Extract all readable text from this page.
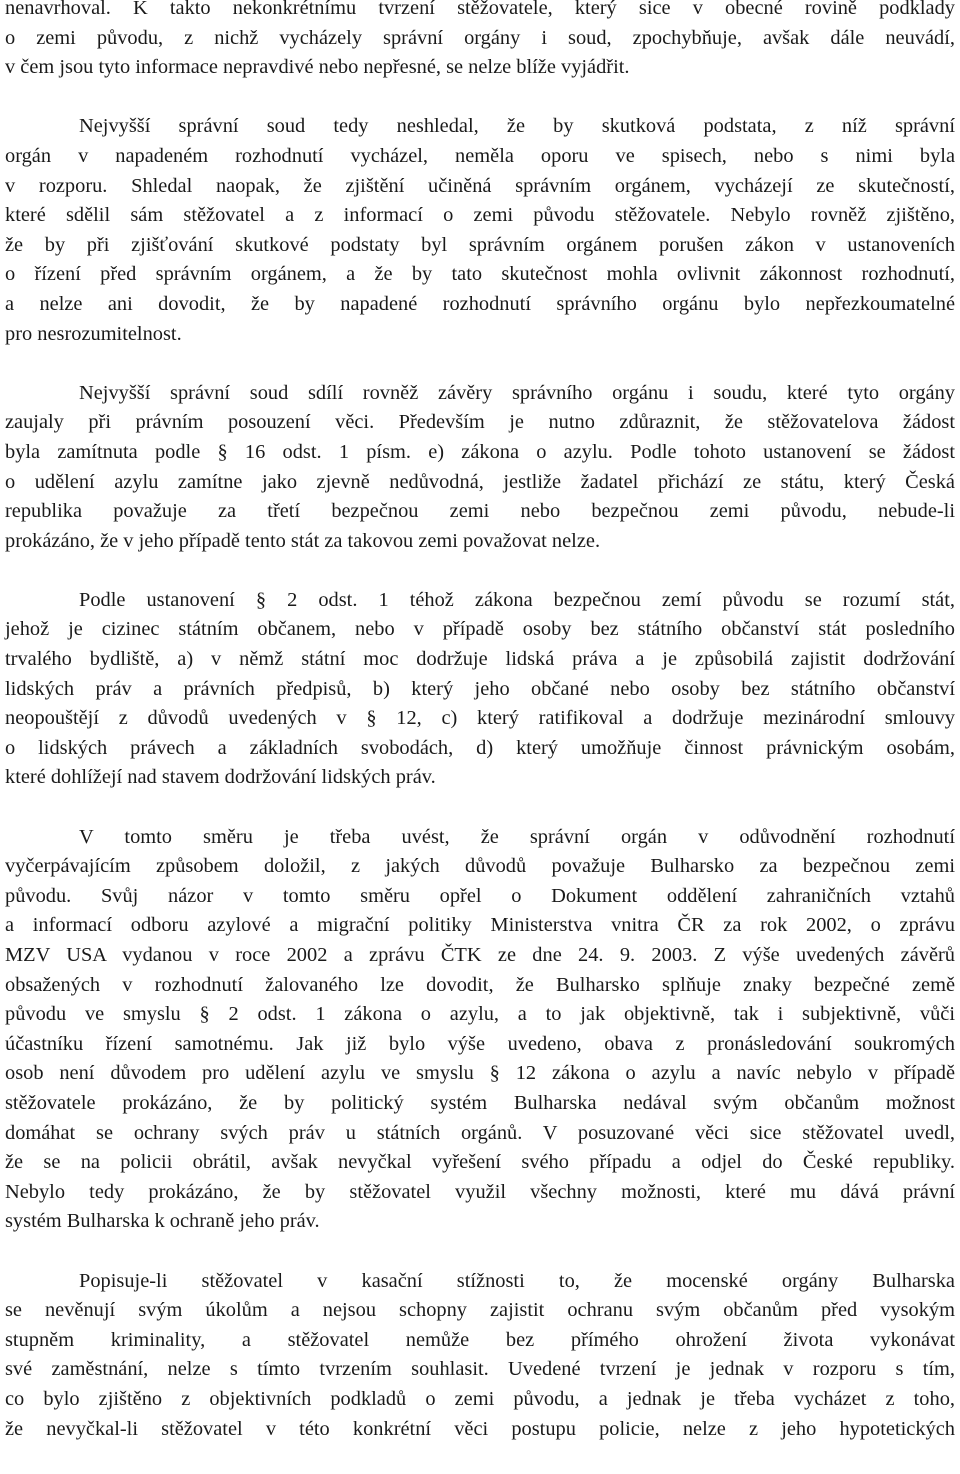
nenavrhoval. K takto nekonkrétnímu tvrzení stěžovatele, který sice v obecné rovině podklady
o zemi původu, z nichž vycházely správní orgány i soud, zpochybňuje, avšak dále neuvádí,
v čem jsou tyto informace nepravdivé nebo nepřesné, se nelze blíže vyjádřit.
Nejvyšší správní soud tedy neshledal, že by skutková podstata, z níž správní
orgán v napadeném rozhodnutí vycházel, neměla oporu ve spisech, nebo s nimi byla
v rozporu. Shledal naopak, že zjištění učiněná správním orgánem, vycházejí ze skutečností,
které sdělil sám stěžovatel a z informací o zemi původu stěžovatele. Nebylo rovněž zjištěno,
že by při zjišťování skutkové podstaty byl správním orgánem porušen zákon v ustanoveních
o řízení před správním orgánem, a že by tato skutečnost mohla ovlivnit zákonnost rozhodnutí,
a nelze ani dovodit, že by napadené rozhodnutí správního orgánu bylo nepřezkoumatelné
pro nesrozumitelnost.
Nejvyšší správní soud sdílí rovněž závěry správního orgánu i soudu, které tyto orgány
zaujaly při právním posouzení věci. Především je nutno zdůraznit, že stěžovatelova žádost
byla zamítnuta podle § 16 odst. 1 písm. e) zákona o azylu. Podle tohoto ustanovení se žádost
o udělení azylu zamítne jako zjevně nedůvodná, jestliže žadatel přichází ze státu, který Česká
republika považuje za třetí bezpečnou zemi nebo bezpečnou zemi původu, nebude-li
prokázáno, že v jeho případě tento stát za takovou zemi považovat nelze.
Podle ustanovení § 2 odst. 1 téhož zákona bezpečnou zemí původu se rozumí stát,
jehož je cizinec státním občanem, nebo v případě osoby bez státního občanství stát posledního
trvalého bydliště, a) v němž státní moc dodržuje lidská práva a je způsobilá zajistit dodržování
lidských práv a právních předpisů, b) který jeho občané nebo osoby bez státního občanství
neopouštějí z důvodů uvedených v § 12, c) který ratifikoval a dodržuje mezinárodní smlouvy
o lidských právech a základních svobodách, d) který umožňuje činnost právnickým osobám,
které dohlížejí nad stavem dodržování lidských práv.
V tomto směru je třeba uvést, že správní orgán v odůvodnění rozhodnutí
vyčerpávajícím způsobem doložil, z jakých důvodů považuje Bulharsko za bezpečnou zemi
původu. Svůj názor v tomto směru opřel o Dokument oddělení zahraničních vztahů
a informací odboru azylové a migrační politiky Ministerstva vnitra ČR za rok 2002, o zprávu
MZV USA vydanou v roce 2002 a zprávu ČTK ze dne 24. 9. 2003. Z výše uvedených závěrů
obsažených v rozhodnutí žalovaného lze dovodit, že Bulharsko splňuje znaky bezpečné země
původu ve smyslu § 2 odst. 1 zákona o azylu, a to jak objektivně, tak i subjektivně, vůči
účastníku řízení samotnému. Jak již bylo výše uvedeno, obava z pronásledování soukromých
osob není důvodem pro udělení azylu ve smyslu § 12 zákona o azylu a navíc nebylo v případě
stěžovatele prokázáno, že by politický systém Bulharska nedával svým občanům možnost
domáhat se ochrany svých práv u státních orgánů. V posuzované věci sice stěžovatel uvedl,
že se na policii obrátil, avšak nevyčkal vyřešení svého případu a odjel do České republiky.
Nebylo tedy prokázáno, že by stěžovatel využil všechny možnosti, které mu dává právní
systém Bulharska k ochraně jeho práv.
Popisuje-li stěžovatel v kasační stížnosti to, že mocenské orgány Bulharska
se nevěnují svým úkolům a nejsou schopny zajistit ochranu svým občanům před vysokým
stupněm kriminality, a stěžovatel nemůže bez přímého ohrožení života vykonávat
své zaměstnání, nelze s tímto tvrzením souhlasit. Uvedené tvrzení je jednak v rozporu s tím,
co bylo zjištěno z objektivních podkladů o zemi původu, a jednak je třeba vycházet z toho,
že nevyčkal-li stěžovatel v této konkrétní věci postupu policie, nelze z jeho hypotetických
